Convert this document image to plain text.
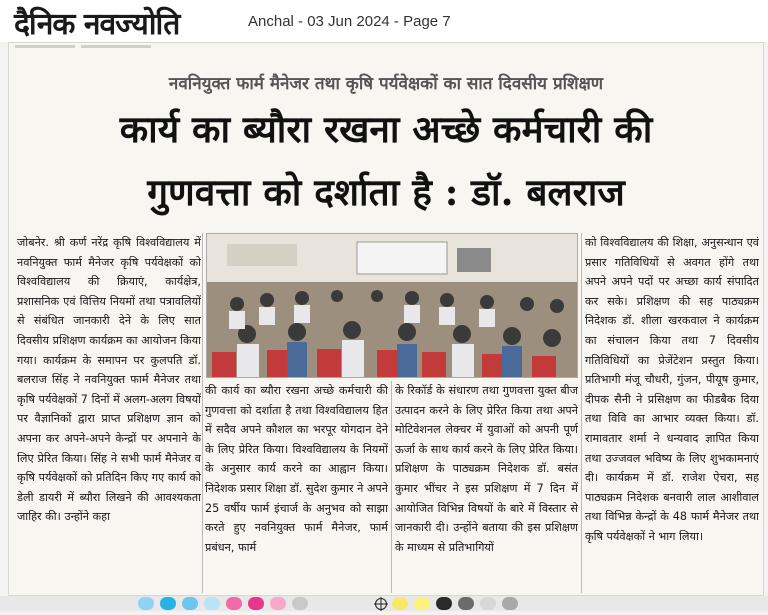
दैनिक नवज्योति	Anchal - 03 Jun 2024 - Page 7
नवनियुक्त फार्म मैनेजर तथा कृषि पर्यवेक्षकों का सात दिवसीय प्रशिक्षण
कार्य का ब्यौरा रखना अच्छे कर्मचारी की
गुणवत्ता को दर्शाता है : डॉ. बलराज
जोबनेर. श्री कर्ण नरेंद्र कृषि विश्वविद्यालय में नवनियुक्त फार्म मैनेजर कृषि पर्यवेक्षकों को विश्वविद्यालय की क्रियाएं, कार्यक्षेत्र, प्रशासनिक एवं वित्तिय नियमों तथा पत्रावलियों से संबंधित जानकारी देने के लिए सात दिवसीय प्रशिक्षण कार्यक्रम का आयोजन किया गया। कार्यक्रम के समापन पर कुलपति डॉ. बलराज सिंह ने नवनियुक्त फार्म मैनेजर तथा कृषि पर्यवेक्षकों 7 दिनों में अलग-अलग विषयों पर वैज्ञानिकों द्वारा प्राप्त प्रशिक्षण ज्ञान को अपना कर अपने-अपने केन्द्रों पर अपनाने के लिए प्रेरित किया। सिंह ने सभी फार्म मैनेजर व कृषि पर्यवेक्षकों को प्रतिदिन किए गए कार्य को डेली डायरी में ब्यौरा लिखने की आवश्यकता जाहिर की। उन्होंने कहा
की कार्य का ब्यौरा रखना अच्छे कर्मचारी की गुणवत्ता को दर्शाता है तथा विश्वविद्यालय हित में सदैव अपने कौशल का भरपूर योगदान देने के लिए प्रेरित किया। विश्वविद्यालय के नियमों के अनुसार कार्य करने का आह्वान किया। निदेशक प्रसार शिक्षा डॉ. सुदेश कुमार ने अपने 25 वर्षीय फार्म इंचार्ज के अनुभव को साझा करते हुए नवनियुक्त फार्म मैनेजर, फार्म प्रबंधन, फार्म
के रिकॉर्ड के संधारण तथा गुणवत्ता युक्त बीज उत्पादन करने के लिए प्रेरित किया तथा अपने मोटिवेशनल लेक्चर में युवाओं को अपनी पूर्ण ऊर्जा के साथ कार्य करने के लिए प्रेरित किया। प्रशिक्षण के पाठ्यक्रम निदेशक डॉ. बसंत कुमार भींचर ने इस प्रशिक्षण में 7 दिन में आयोजित विभिन्न विषयों के बारे में विस्तार से जानकारी दी। उन्होंने बताया की इस प्रशिक्षण के माध्यम से प्रतिभागियों
को विश्वविद्यालय की शिक्षा, अनुसन्धान एवं प्रसार गतिविधियों से अवगत होंगे तथा अपने अपने पदों पर अच्छा कार्य संपादित कर सके। प्रशिक्षण की सह पाठ्यक्रम निदेशक डॉ. शीला खरकवाल ने कार्यक्रम का संचालन किया तथा 7 दिवसीय गतिविधियों का प्रेजेंटेशन प्रस्तुत किया। प्रतिभागी मंजू चौधरी, गुंजन, पीयूष कुमार, दीपक सैनी ने प्रसिक्षण का फीडबैक दिया तथा विवि का आभार व्यक्त किया। डॉ. रामावतार शर्मा ने धन्यवाद ज्ञापित किया तथा उज्जवल भविष्य के लिए शुभकामनाएं दी। कार्यक्रम में डॉ. राजेश ऐचरा, सह पाठ्यक्रम निदेशक बनवारी लाल आशीवाल तथा विभिन्न केन्द्रों के 48 फार्म मैनेजर तथा कृषि पर्यवेक्षकों ने भाग लिया।
